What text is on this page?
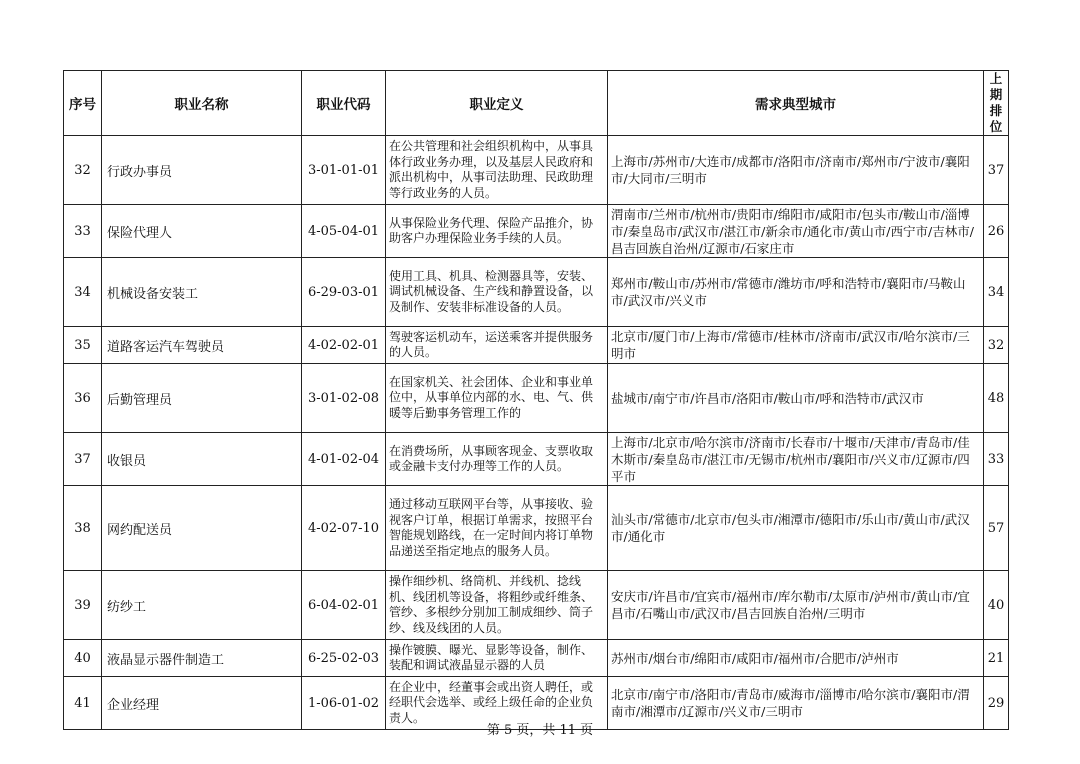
序号	职业名称	职业代码	职业定义	需求典型城市	上期
排位
32	行政办事员	3-01-01-01	在公共管理和社会组织机构中，从事具体行政业务办理，以及基层人民政府和派出机构中，从事司法助理、民政助理等行政业务的人员。	上海市/苏州市/大连市/成都市/洛阳市/济南市/郑州市/宁波市/襄阳市/大同市/三明市	37
33	保险代理人	4-05-04-01	从事保险业务代理、保险产品推介，协助客户办理保险业务手续的人员。	渭南市/兰州市/杭州市/贵阳市/绵阳市/咸阳市/包头市/鞍山市/淄博市/秦皇岛市/武汉市/湛江市/新余市/通化市/黄山市/西宁市/吉林市/昌吉回族自治州/辽源市/石家庄市	26
34	机械设备安装工	6-29-03-01	使用工具、机具、检测器具等，安装、调试机械设备、生产线和静置设备，以及制作、安装非标准设备的人员。	郑州市/鞍山市/苏州市/常德市/潍坊市/呼和浩特市/襄阳市/马鞍山市/武汉市/兴义市	34
35	道路客运汽车驾驶员	4-02-02-01	驾驶客运机动车，运送乘客并提供服务的人员。	北京市/厦门市/上海市/常德市/桂林市/济南市/武汉市/哈尔滨市/三明市	32
36	后勤管理员	3-01-02-08	在国家机关、社会团体、企业和事业单位中，从事单位内部的水、电、气、供暖等后勤事务管理工作的	盐城市/南宁市/许昌市/洛阳市/鞍山市/呼和浩特市/武汉市	48
37	收银员	4-01-02-04	在消费场所，从事顾客现金、支票收取或金融卡支付办理等工作的人员。	上海市/北京市/哈尔滨市/济南市/长春市/十堰市/天津市/青岛市/佳木斯市/秦皇岛市/湛江市/无锡市/杭州市/襄阳市/兴义市/辽源市/四平市	33
38	网约配送员	4-02-07-10	通过移动互联网平台等，从事接收、验视客户订单，根据订单需求，按照平台智能规划路线，在一定时间内将订单物品递送至指定地点的服务人员。	汕头市/常德市/北京市/包头市/湘潭市/德阳市/乐山市/黄山市/武汉市/通化市	57
39	纺纱工	6-04-02-01	操作细纱机、络筒机、并线机、捻线机、线团机等设备，将粗纱或纤维条、管纱、多根纱分别加工制成细纱、筒子纱、线及线团的人员。	安庆市/许昌市/宜宾市/福州市/库尔勒市/太原市/泸州市/黄山市/宜昌市/石嘴山市/武汉市/昌吉回族自治州/三明市	40
40	液晶显示器件制造工	6-25-02-03	操作镀膜、曝光、显影等设备，制作、装配和调试液晶显示器的人员	苏州市/烟台市/绵阳市/咸阳市/福州市/合肥市/泸州市	21
41	企业经理	1-06-01-02	在企业中，经董事会或出资人聘任，或经职代会选举、或经上级任命的企业负责人。	北京市/南宁市/洛阳市/青岛市/威海市/淄博市/哈尔滨市/襄阳市/渭南市/湘潭市/辽源市/兴义市/三明市	29
第 5 页，共 11 页
